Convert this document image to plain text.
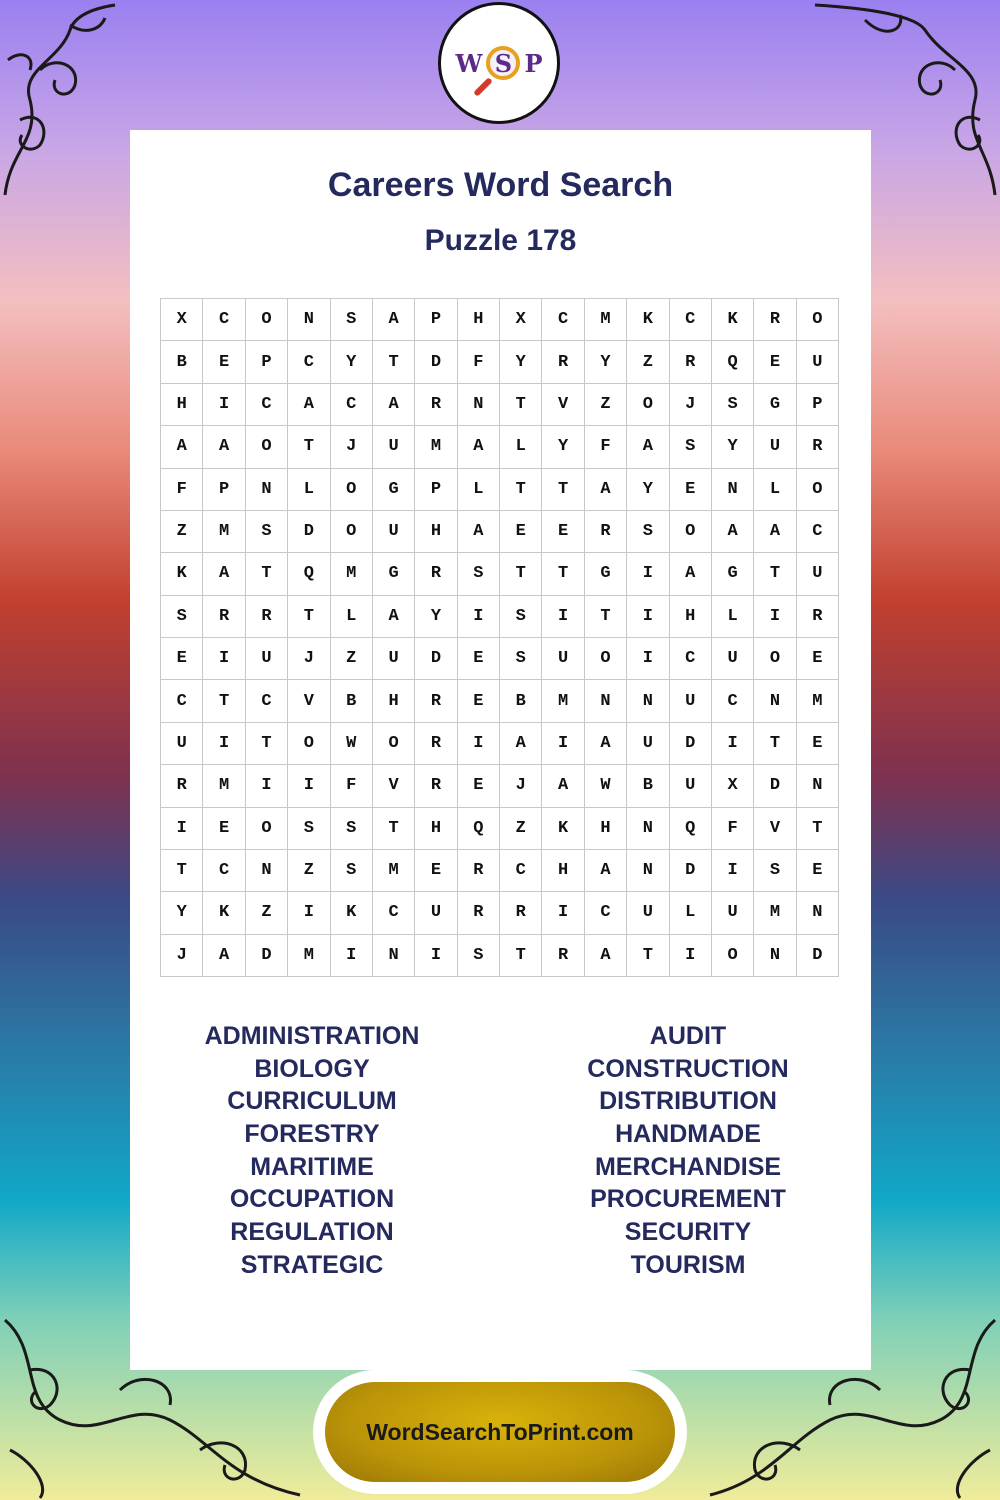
W S P
Careers Word Search
Puzzle 178
X	C	O	N	S	A	P	H	X	C	M	K	C	K	R	O
B	E	P	C	Y	T	D	F	Y	R	Y	Z	R	Q	E	U
H	I	C	A	C	A	R	N	T	V	Z	O	J	S	G	P
A	A	O	T	J	U	M	A	L	Y	F	A	S	Y	U	R
F	P	N	L	O	G	P	L	T	T	A	Y	E	N	L	O
Z	M	S	D	O	U	H	A	E	E	R	S	O	A	A	C
K	A	T	Q	M	G	R	S	T	T	G	I	A	G	T	U
S	R	R	T	L	A	Y	I	S	I	T	I	H	L	I	R
E	I	U	J	Z	U	D	E	S	U	O	I	C	U	O	E
C	T	C	V	B	H	R	E	B	M	N	N	U	C	N	M
U	I	T	O	W	O	R	I	A	I	A	U	D	I	T	E
R	M	I	I	F	V	R	E	J	A	W	B	U	X	D	N
I	E	O	S	S	T	H	Q	Z	K	H	N	Q	F	V	T
T	C	N	Z	S	M	E	R	C	H	A	N	D	I	S	E
Y	K	Z	I	K	C	U	R	R	I	C	U	L	U	M	N
J	A	D	M	I	N	I	S	T	R	A	T	I	O	N	D
ADMINISTRATION
BIOLOGY
CURRICULUM
FORESTRY
MARITIME
OCCUPATION
REGULATION
STRATEGIC
AUDIT
CONSTRUCTION
DISTRIBUTION
HANDMADE
MERCHANDISE
PROCUREMENT
SECURITY
TOURISM
WordSearchToPrint.com
